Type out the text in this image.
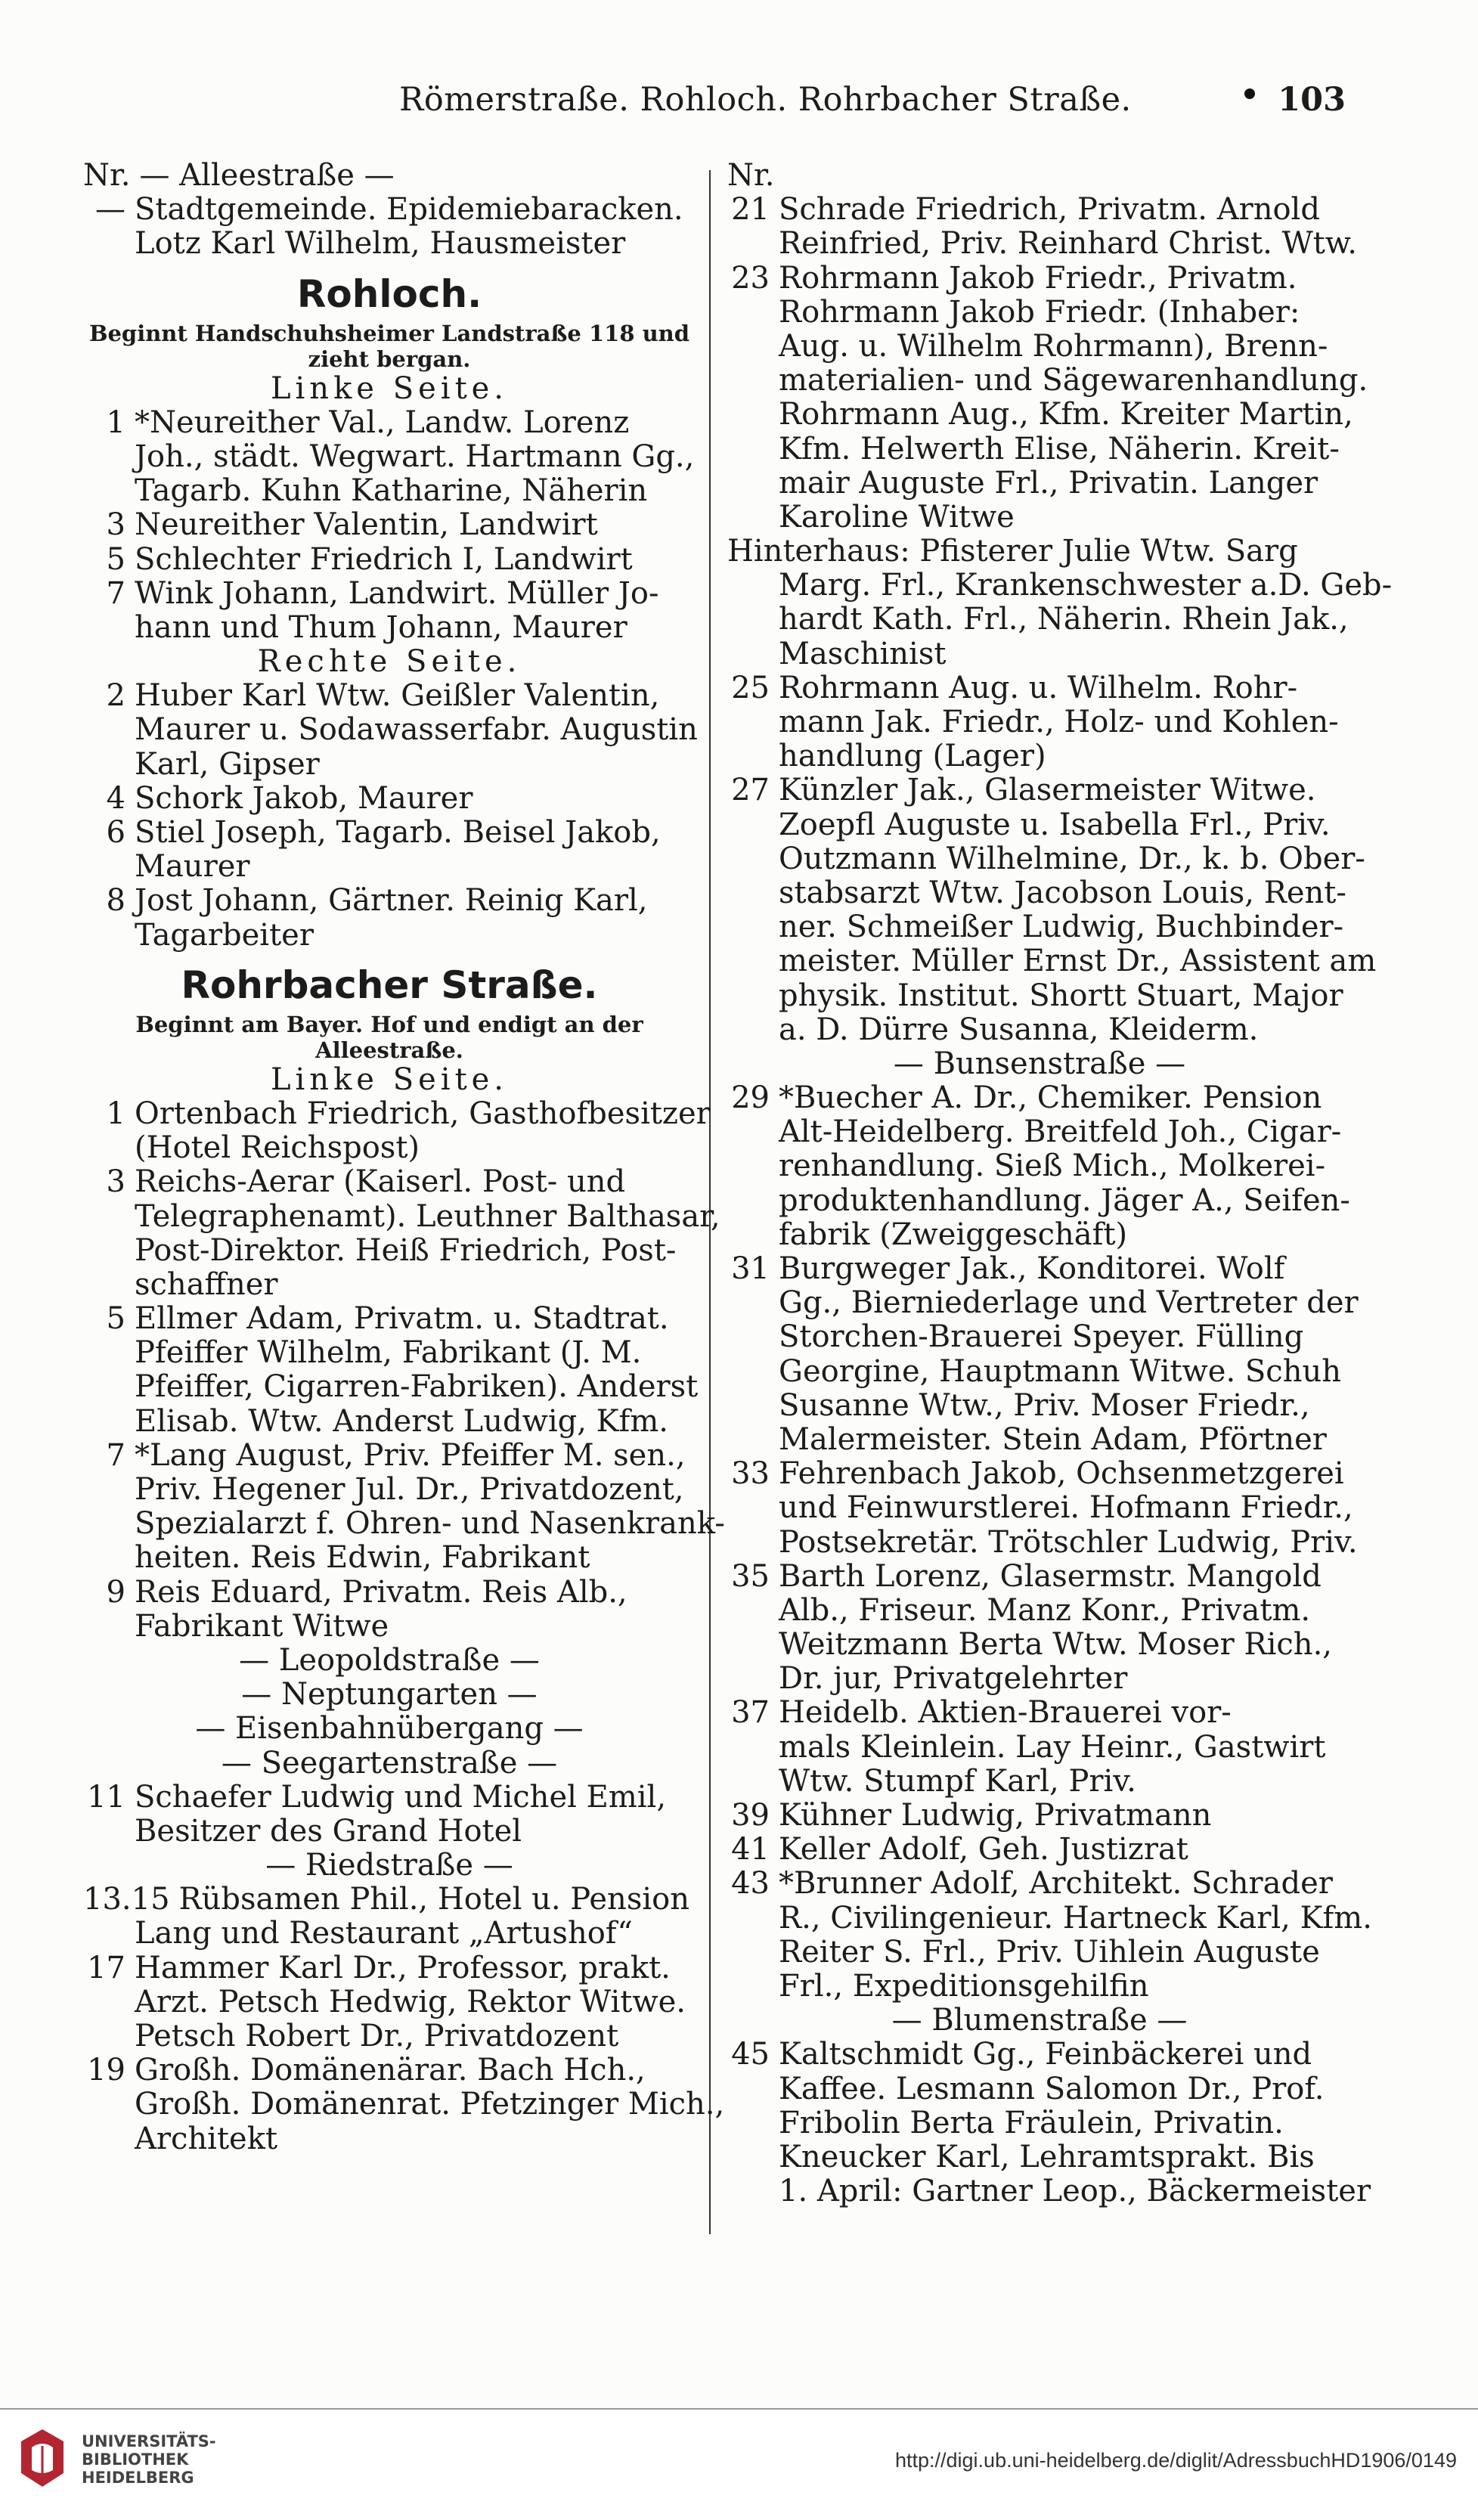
Römerstraße. Rohloch. Rohrbacher Straße.	103
Nr. — Alleestraße —
— Stadtgemeinde. Epidemiebaracken.
Lotz Karl Wilhelm, Hausmeister
Rohloch.
Beginnt Handschuhsheimer Landstraße 118 und zieht bergan.
Linke Seite.
1 *Neureither Val., Landw. Lorenz
Joh., städt. Wegwart. Hartmann Gg.,
Tagarb. Kuhn Katharine, Näherin
3 Neureither Valentin, Landwirt
5 Schlechter Friedrich I, Landwirt
7 Wink Johann, Landwirt. Müller Jo-
hann und Thum Johann, Maurer
Rechte Seite.
2 Huber Karl Wtw. Geißler Valentin,
Maurer u. Sodawasserfabr. Augustin
Karl, Gipser
4 Schork Jakob, Maurer
6 Stiel Joseph, Tagarb. Beisel Jakob,
Maurer
8 Jost Johann, Gärtner. Reinig Karl,
Tagarbeiter
Rohrbacher Straße.
Beginnt am Bayer. Hof und endigt an der Alleestraße.
Linke Seite.
1 Ortenbach Friedrich, Gasthofbesitzer
(Hotel Reichspost)
3 Reichs-Aerar (Kaiserl. Post- und
Telegraphenamt). Leuthner Balthasar,
Post-Direktor. Heiß Friedrich, Post-
schaffner
5 Ellmer Adam, Privatm. u. Stadtrat.
Pfeiffer Wilhelm, Fabrikant (J. M.
Pfeiffer, Cigarren-Fabriken). Anderst
Elisab. Wtw. Anderst Ludwig, Kfm.
7 *Lang August, Priv. Pfeiffer M. sen.,
Priv. Hegener Jul. Dr., Privatdozent,
Spezialarzt f. Ohren- und Nasenkrank-
heiten. Reis Edwin, Fabrikant
9 Reis Eduard, Privatm. Reis Alb.,
Fabrikant Witwe
— Leopoldstraße —
— Neptungarten —
— Eisenbahnübergang —
— Seegartenstraße —
11 Schaefer Ludwig und Michel Emil,
Besitzer des Grand Hotel
— Riedstraße —
13.15 Rübsamen Phil., Hotel u. Pension
Lang und Restaurant „Artushof“
17 Hammer Karl Dr., Professor, prakt.
Arzt. Petsch Hedwig, Rektor Witwe.
Petsch Robert Dr., Privatdozent
19 Großh. Domänenärar. Bach Hch.,
Großh. Domänenrat. Pfetzinger Mich.,
Architekt
Nr.
21 Schrade Friedrich, Privatm. Arnold
Reinfried, Priv. Reinhard Christ. Wtw.
23 Rohrmann Jakob Friedr., Privatm.
Rohrmann Jakob Friedr. (Inhaber:
Aug. u. Wilhelm Rohrmann), Brenn-
materialien- und Sägewarenhandlung.
Rohrmann Aug., Kfm. Kreiter Martin,
Kfm. Helwerth Elise, Näherin. Kreit-
mair Auguste Frl., Privatin. Langer
Karoline Witwe
Hinterhaus: Pfisterer Julie Wtw. Sarg
Marg. Frl., Krankenschwester a.D. Geb-
hardt Kath. Frl., Näherin. Rhein Jak.,
Maschinist
25 Rohrmann Aug. u. Wilhelm. Rohr-
mann Jak. Friedr., Holz- und Kohlen-
handlung (Lager)
27 Künzler Jak., Glasermeister Witwe.
Zoepfl Auguste u. Isabella Frl., Priv.
Outzmann Wilhelmine, Dr., k. b. Ober-
stabsarzt Wtw. Jacobson Louis, Rent-
ner. Schmeißer Ludwig, Buchbinder-
meister. Müller Ernst Dr., Assistent am
physik. Institut. Shortt Stuart, Major
a. D. Dürre Susanna, Kleiderm.
— Bunsenstraße —
29 *Buecher A. Dr., Chemiker. Pension
Alt-Heidelberg. Breitfeld Joh., Cigar-
renhandlung. Sieß Mich., Molkerei-
produktenhandlung. Jäger A., Seifen-
fabrik (Zweiggeschäft)
31 Burgweger Jak., Konditorei. Wolf
Gg., Bierniederlage und Vertreter der
Storchen-Brauerei Speyer. Fülling
Georgine, Hauptmann Witwe. Schuh
Susanne Wtw., Priv. Moser Friedr.,
Malermeister. Stein Adam, Pförtner
33 Fehrenbach Jakob, Ochsenmetzgerei
und Feinwurstlerei. Hofmann Friedr.,
Postsekretär. Trötschler Ludwig, Priv.
35 Barth Lorenz, Glasermstr. Mangold
Alb., Friseur. Manz Konr., Privatm.
Weitzmann Berta Wtw. Moser Rich.,
Dr. jur, Privatgelehrter
37 Heidelb. Aktien-Brauerei vor-
mals Kleinlein. Lay Heinr., Gastwirt
Wtw. Stumpf Karl, Priv.
39 Kühner Ludwig, Privatmann
41 Keller Adolf, Geh. Justizrat
43 *Brunner Adolf, Architekt. Schrader
R., Civilingenieur. Hartneck Karl, Kfm.
Reiter S. Frl., Priv. Uihlein Auguste
Frl., Expeditionsgehilfin
— Blumenstraße —
45 Kaltschmidt Gg., Feinbäckerei und
Kaffee. Lesmann Salomon Dr., Prof.
Fribolin Berta Fräulein, Privatin.
Kneucker Karl, Lehramtsprakt. Bis
1. April: Gartner Leop., Bäckermeister
UNIVERSITÄTS-
BIBLIOTHEK
HEIDELBERG
http://digi.ub.uni-heidelberg.de/diglit/AdressbuchHD1906/0149
